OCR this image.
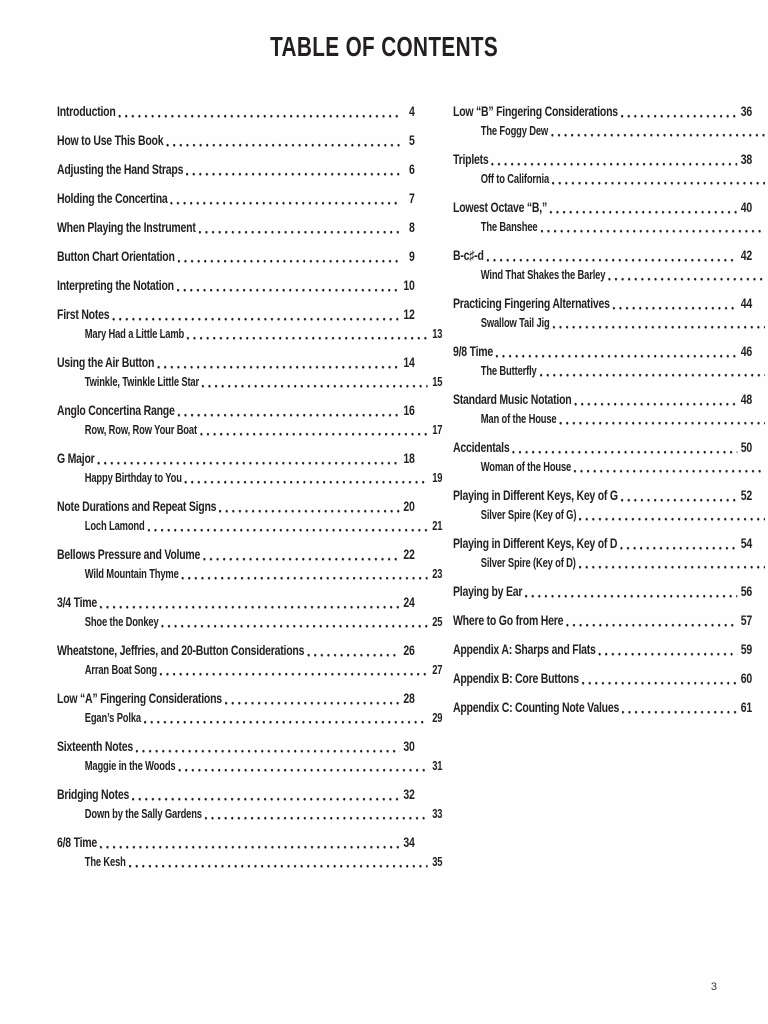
TABLE OF CONTENTS
Introduction	4
How to Use This Book	5
Adjusting the Hand Straps	6
Holding the Concertina	7
When Playing the Instrument	8
Button Chart Orientation	9
Interpreting the Notation	10
First Notes	12
Mary Had a Little Lamb	13
Using the Air Button	14
Twinkle, Twinkle Little Star	15
Anglo Concertina Range	16
Row, Row, Row Your Boat	17
G Major	18
Happy Birthday to You	19
Note Durations and Repeat Signs	20
Loch Lamond	21
Bellows Pressure and Volume	22
Wild Mountain Thyme	23
3/4 Time	24
Shoe the Donkey	25
Wheatstone, Jeffries, and 20-Button Considerations	26
Arran Boat Song	27
Low “A” Fingering Considerations	28
Egan’s Polka	29
Sixteenth Notes	30
Maggie in the Woods	31
Bridging Notes	32
Down by the Sally Gardens	33
6/8 Time	34
The Kesh	35
Low “B” Fingering Considerations	36
The Foggy Dew
Triplets	38
Off to California
Lowest Octave “B,”	40
The Banshee
B-c♯-d	42
Wind That Shakes the Barley
Practicing Fingering Alternatives	44
Swallow Tail Jig
9/8 Time	46
The Butterfly
Standard Music Notation	48
Man of the House
Accidentals	50
Woman of the House
Playing in Different Keys, Key of G	52
Silver Spire (Key of G)
Playing in Different Keys, Key of D	54
Silver Spire (Key of D)
Playing by Ear	56
Where to Go from Here	57
Appendix A: Sharps and Flats	59
Appendix B: Core Buttons	60
Appendix C: Counting Note Values	61
3
